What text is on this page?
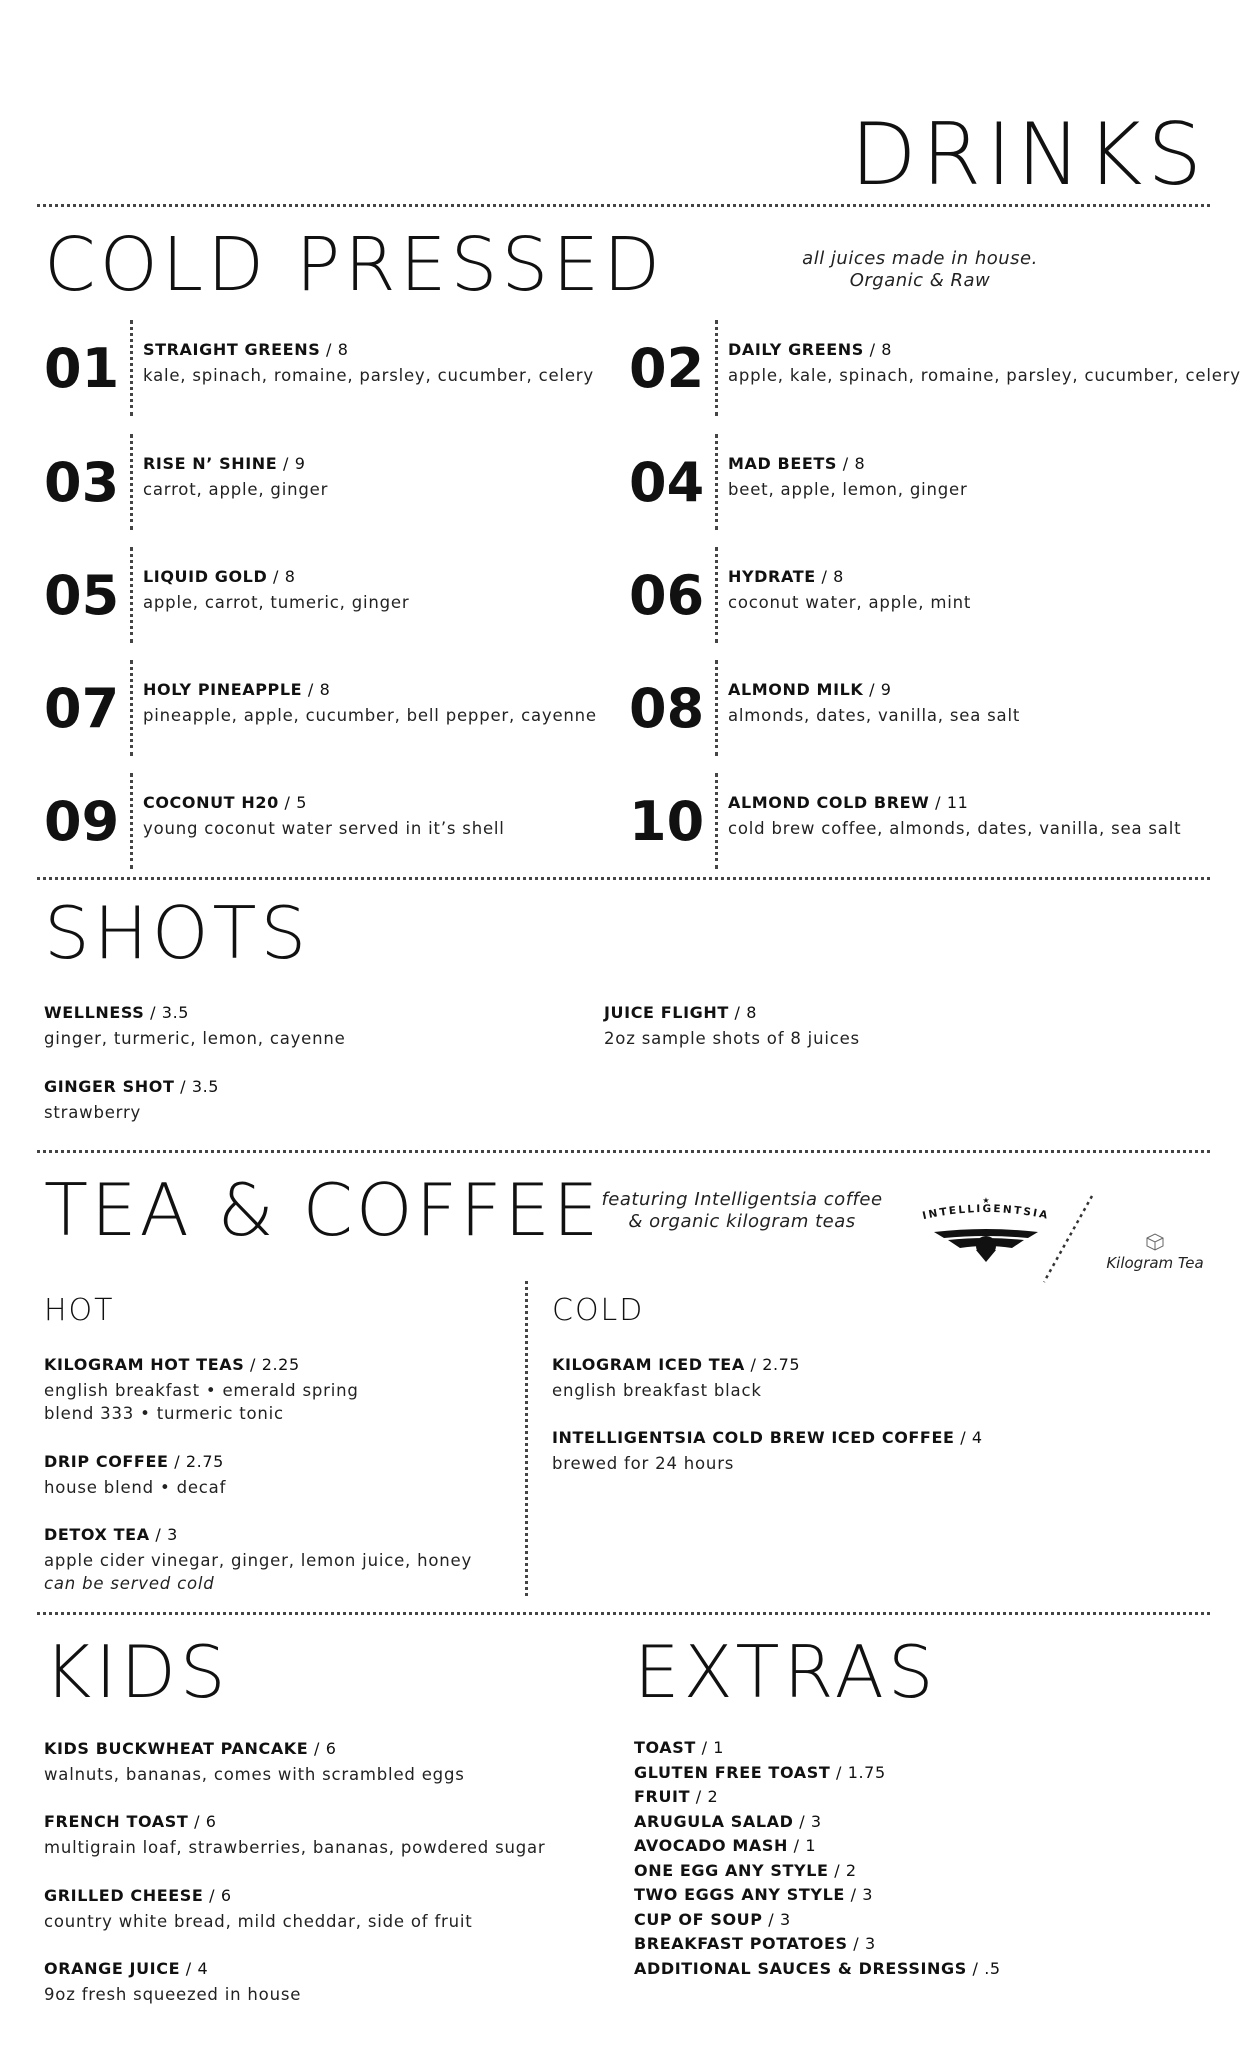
DRINKS
COLD PRESSED	all juices made in house.
Organic & Raw
01 STRAIGHT GREENS / 8
kale, spinach, romaine, parsley, cucumber, celery 02 DAILY GREENS / 8
apple, kale, spinach, romaine, parsley, cucumber, celery
03 RISE N’ SHINE / 9
carrot, apple, ginger	04 MAD BEETS / 8
beet, apple, lemon, ginger
05 LIQUID GOLD / 8
apple, carrot, tumeric, ginger	06 HYDRATE / 8
coconut water, apple, mint
07 HOLY PINEAPPLE / 8
pineapple, apple, cucumber, bell pepper, cayenne 08 ALMOND MILK / 9
almonds, dates, vanilla, sea salt
09 COCONUT H20 / 5
young coconut water served in it’s shell 10 ALMOND COLD BREW / 11
cold brew coffee, almonds, dates, vanilla, sea salt
SHOTS
WELLNESS / 3.5
ginger, turmeric, lemon, cayenne
JUICE FLIGHT / 8
2oz sample shots of 8 juices
GINGER SHOT / 3.5
strawberry
TEA & COFFEE featuring Intelligentsia coffee
& organic kilogram teas
★
INTELLIGENTSIA
Kilogram Tea
HOT
KILOGRAM HOT TEAS / 2.25
english breakfast • emerald spring
blend 333 • turmeric tonic
DRIP COFFEE / 2.75
house blend • decaf
DETOX TEA / 3
apple cider vinegar, ginger, lemon juice, honey
can be served cold
COLD
KILOGRAM ICED TEA / 2.75
english breakfast black
INTELLIGENTSIA COLD BREW ICED COFFEE / 4
brewed for 24 hours
KIDS
KIDS BUCKWHEAT PANCAKE / 6
walnuts, bananas, comes with scrambled eggs
FRENCH TOAST / 6
multigrain loaf, strawberries, bananas, powdered sugar
GRILLED CHEESE / 6
country white bread, mild cheddar, side of fruit
ORANGE JUICE / 4
9oz fresh squeezed in house
EXTRAS
TOAST / 1
GLUTEN FREE TOAST / 1.75
FRUIT / 2
ARUGULA SALAD / 3
AVOCADO MASH / 1
ONE EGG ANY STYLE / 2
TWO EGGS ANY STYLE / 3
CUP OF SOUP / 3
BREAKFAST POTATOES / 3
ADDITIONAL SAUCES & DRESSINGS / .5
